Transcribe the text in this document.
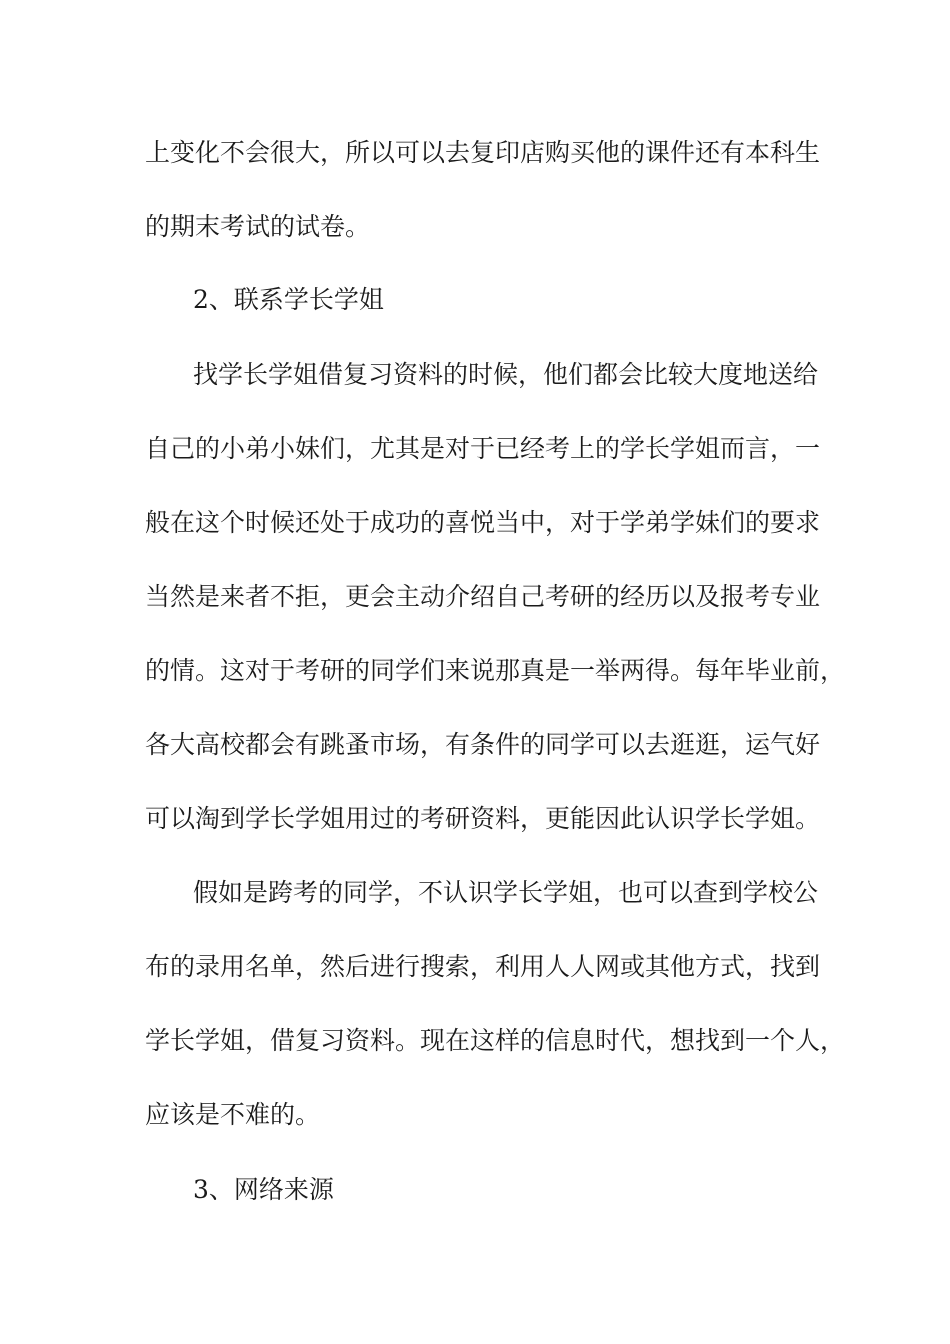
上变化不会很大，所以可以去复印店购买他的课件还有本科生
的期末考试的试卷。
2、联系学长学姐
找学长学姐借复习资料的时候，他们都会比较大度地送给
自己的小弟小妹们，尤其是对于已经考上的学长学姐而言，一
般在这个时候还处于成功的喜悦当中，对于学弟学妹们的要求
当然是来者不拒，更会主动介绍自己考研的经历以及报考专业
的情。这对于考研的同学们来说那真是一举两得。每年毕业前，
各大高校都会有跳蚤市场，有条件的同学可以去逛逛，运气好
可以淘到学长学姐用过的考研资料，更能因此认识学长学姐。
假如是跨考的同学，不认识学长学姐，也可以查到学校公
布的录用名单，然后进行搜索，利用人人网或其他方式，找到
学长学姐，借复习资料。现在这样的信息时代，想找到一个人，
应该是不难的。
3、网络来源
